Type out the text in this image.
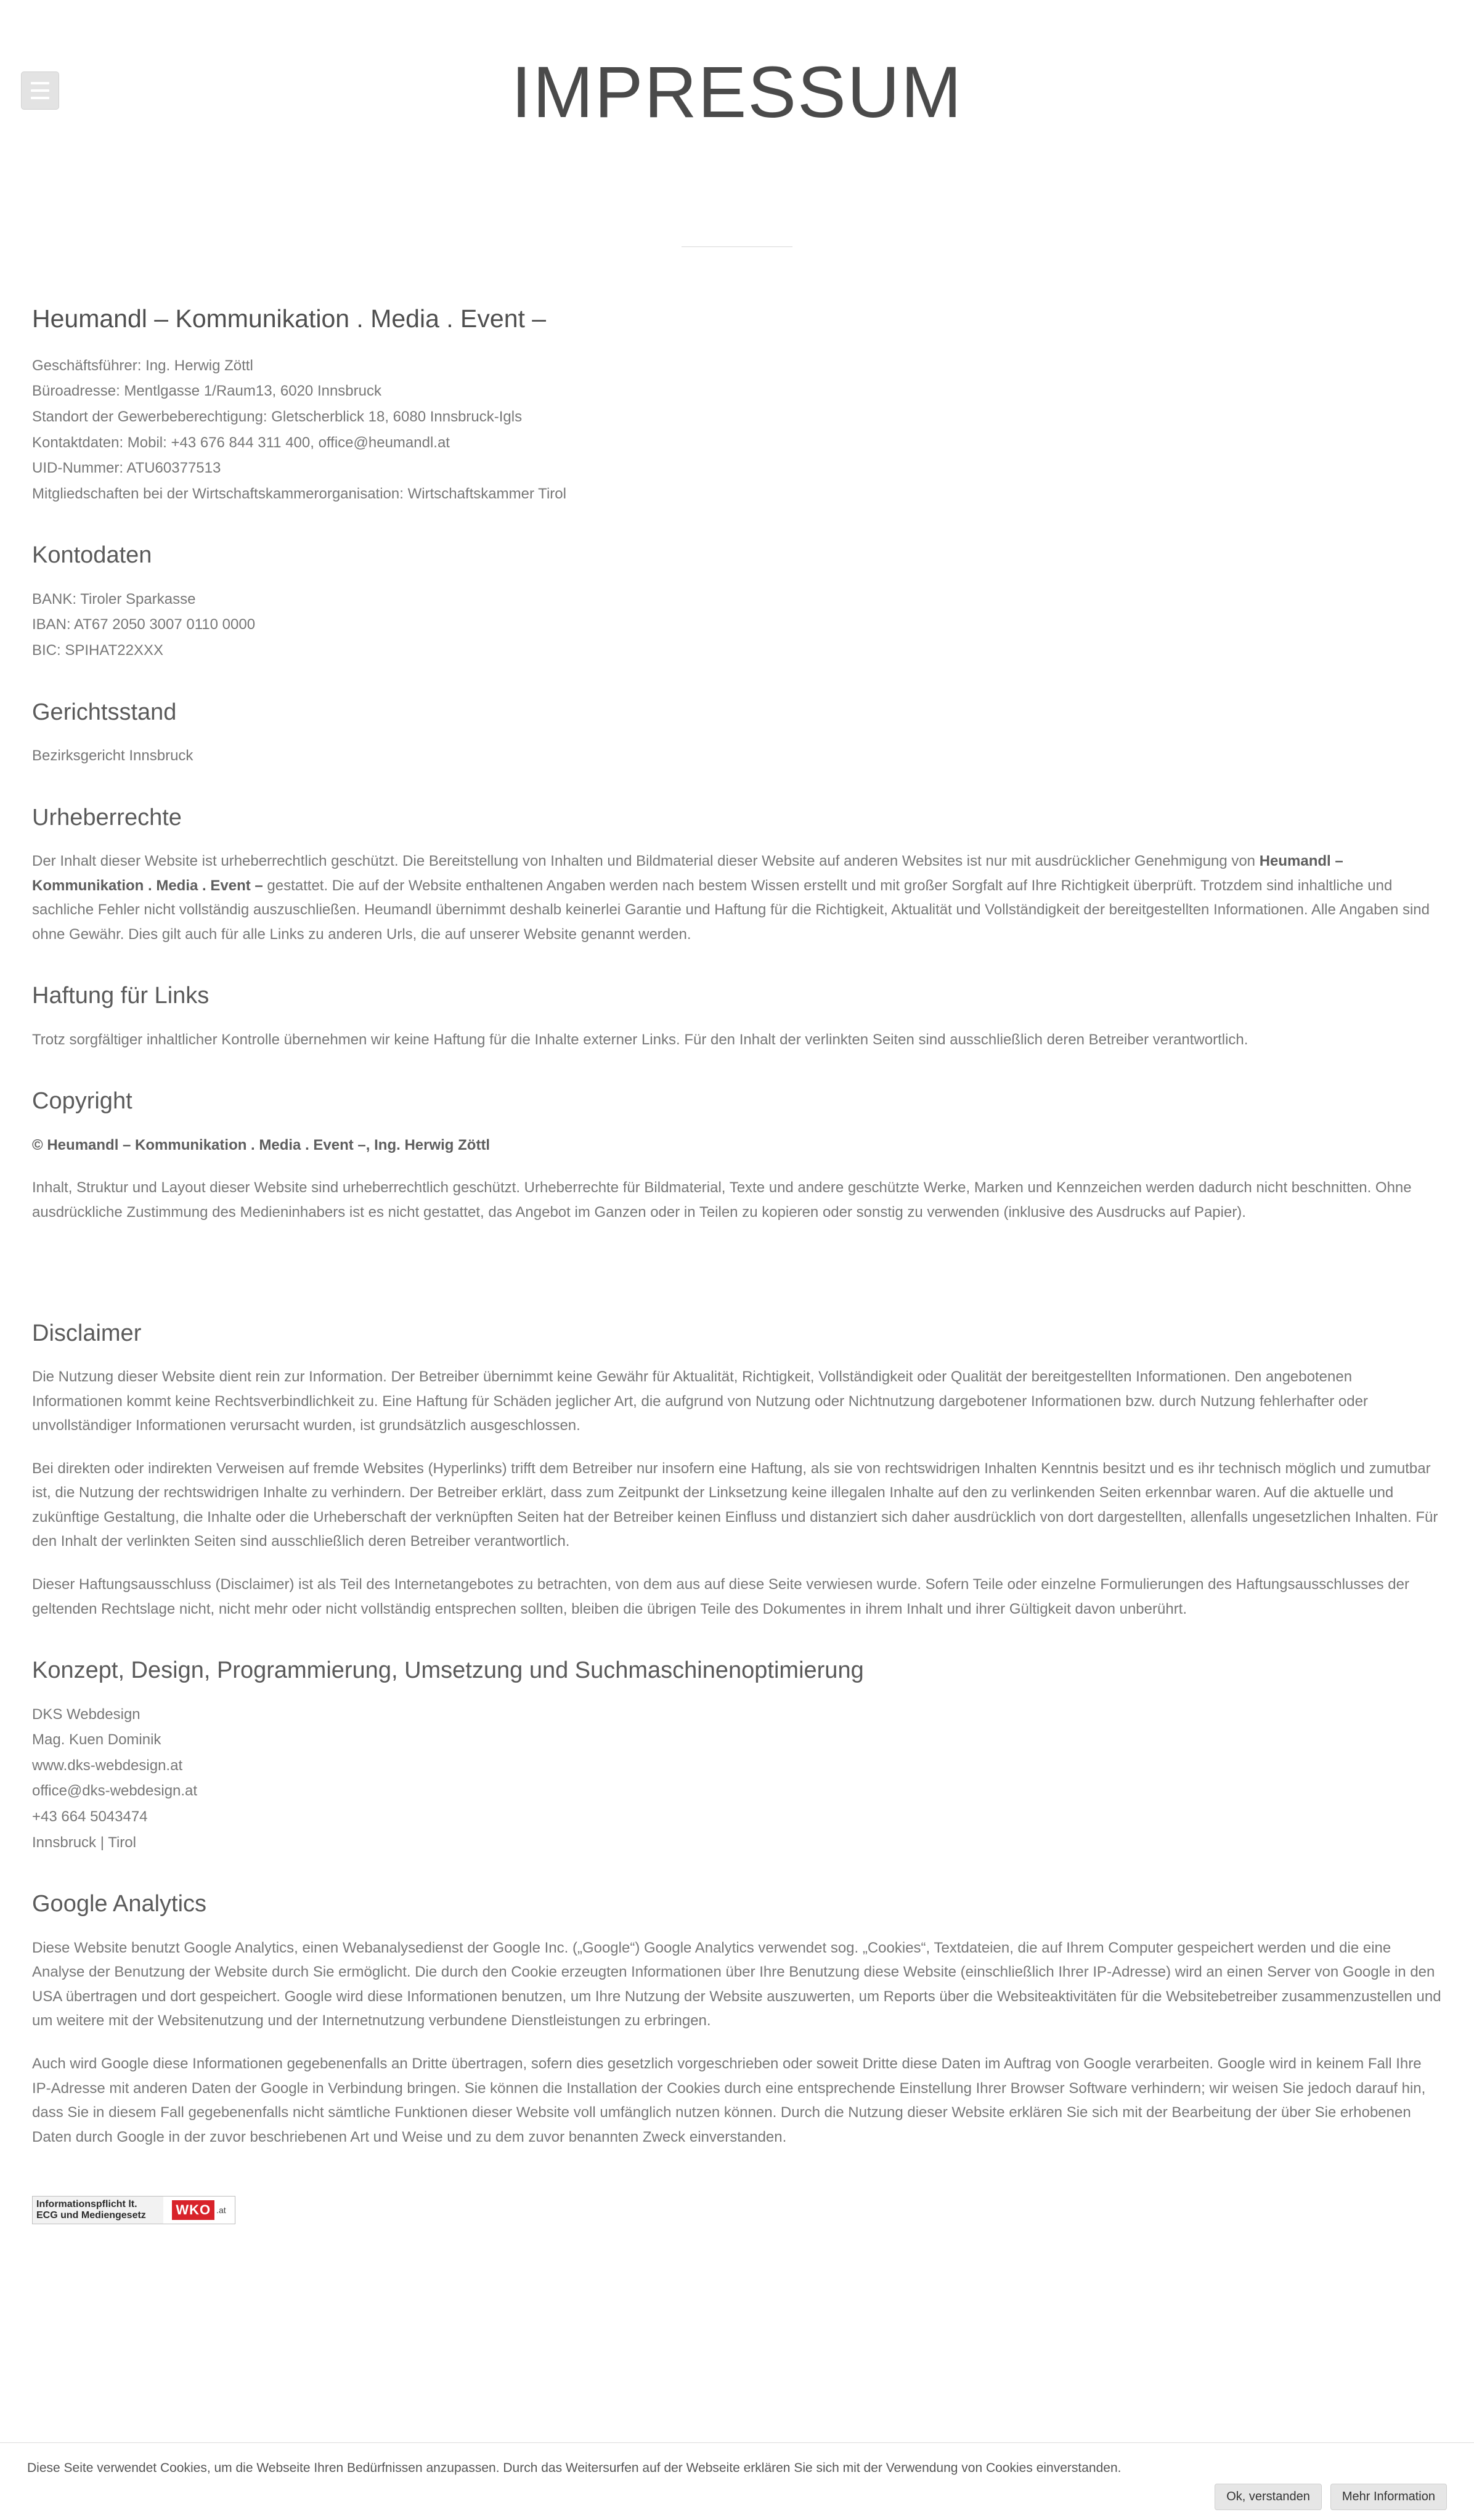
IMPRESSUM
Heumandl – Kommunikation . Media . Event –

Geschäftsführer: Ing. Herwig Zöttl

Büroadresse: Mentlgasse 1/Raum13, 6020 Innsbruck

Standort der Gewerbeberechtigung: Gletscherblick 18, 6080 Innsbruck-Igls

Kontaktdaten: Mobil: +43 676 844 311 400, office@heumandl.at

UID-Nummer: ATU60377513

Mitgliedschaften bei der Wirtschaftskammerorganisation: Wirtschaftskammer Tirol

Kontodaten

BANK: Tiroler Sparkasse

IBAN: AT67 2050 3007 0110 0000

BIC: SPIHAT22XXX

Gerichtsstand

Bezirksgericht Innsbruck

Urheberrechte

Der Inhalt dieser Website ist urheberrechtlich geschützt. Die Bereitstellung von Inhalten und Bildmaterial dieser Website auf anderen Websites ist nur mit ausdrücklicher Genehmigung von Heumandl – Kommunikation . Media . Event – gestattet. Die auf der Website enthaltenen Angaben werden nach bestem Wissen erstellt und mit großer Sorgfalt auf Ihre Richtigkeit überprüft. Trotzdem sind inhaltliche und sachliche Fehler nicht vollständig auszuschließen. Heumandl übernimmt deshalb keinerlei Garantie und Haftung für die Richtigkeit, Aktualität und Vollständigkeit der bereitgestellten Informationen. Alle Angaben sind ohne Gewähr. Dies gilt auch für alle Links zu anderen Urls, die auf unserer Website genannt werden.

Haftung für Links

Trotz sorgfältiger inhaltlicher Kontrolle übernehmen wir keine Haftung für die Inhalte externer Links. Für den Inhalt der verlinkten Seiten sind ausschließlich deren Betreiber verantwortlich.

Copyright

© Heumandl – Kommunikation . Media . Event –, Ing. Herwig Zöttl

Inhalt, Struktur und Layout dieser Website sind urheberrechtlich geschützt. Urheberrechte für Bildmaterial, Texte und andere geschützte Werke, Marken und Kennzeichen werden dadurch nicht beschnitten. Ohne ausdrückliche Zustimmung des Medieninhabers ist es nicht gestattet, das Angebot im Ganzen oder in Teilen zu kopieren oder sonstig zu verwenden (inklusive des Ausdrucks auf Papier).

Disclaimer

Die Nutzung dieser Website dient rein zur Information. Der Betreiber übernimmt keine Gewähr für Aktualität, Richtigkeit, Vollständigkeit oder Qualität der bereitgestellten Informationen. Den angebotenen Informationen kommt keine Rechtsverbindlichkeit zu. Eine Haftung für Schäden jeglicher Art, die aufgrund von Nutzung oder Nichtnutzung dargebotener Informationen bzw. durch Nutzung fehlerhafter oder unvollständiger Informationen verursacht wurden, ist grundsätzlich ausgeschlossen.

Bei direkten oder indirekten Verweisen auf fremde Websites (Hyperlinks) trifft dem Betreiber nur insofern eine Haftung, als sie von rechtswidrigen Inhalten Kenntnis besitzt und es ihr technisch möglich und zumutbar ist, die Nutzung der rechtswidrigen Inhalte zu verhindern. Der Betreiber erklärt, dass zum Zeitpunkt der Linksetzung keine illegalen Inhalte auf den zu verlinkenden Seiten erkennbar waren. Auf die aktuelle und zukünftige Gestaltung, die Inhalte oder die Urheberschaft der verknüpften Seiten hat der Betreiber keinen Einfluss und distanziert sich daher ausdrücklich von dort dargestellten, allenfalls ungesetzlichen Inhalten. Für den Inhalt der verlinkten Seiten sind ausschließlich deren Betreiber verantwortlich.

Dieser Haftungsausschluss (Disclaimer) ist als Teil des Internetangebotes zu betrachten, von dem aus auf diese Seite verwiesen wurde. Sofern Teile oder einzelne Formulierungen des Haftungsausschlusses der geltenden Rechtslage nicht, nicht mehr oder nicht vollständig entsprechen sollten, bleiben die übrigen Teile des Dokumentes in ihrem Inhalt und ihrer Gültigkeit davon unberührt.

Konzept, Design, Programmierung, Umsetzung und Suchmaschinenoptimierung

DKS Webdesign

Mag. Kuen Dominik

www.dks-webdesign.at

office@dks-webdesign.at

+43 664 5043474

Innsbruck | Tirol

Google Analytics

Diese Website benutzt Google Analytics, einen Webanalysedienst der Google Inc. („Google“) Google Analytics verwendet sog. „Cookies“, Textdateien, die auf Ihrem Computer gespeichert werden und die eine Analyse der Benutzung der Website durch Sie ermöglicht. Die durch den Cookie erzeugten Informationen über Ihre Benutzung diese Website (einschließlich Ihrer IP-Adresse) wird an einen Server von Google in den USA übertragen und dort gespeichert. Google wird diese Informationen benutzen, um Ihre Nutzung der Website auszuwerten, um Reports über die Websiteaktivitäten für die Websitebetreiber zusammenzustellen und um weitere mit der Websitenutzung und der Internetnutzung verbundene Dienstleistungen zu erbringen.

Auch wird Google diese Informationen gegebenenfalls an Dritte übertragen, sofern dies gesetzlich vorgeschrieben oder soweit Dritte diese Daten im Auftrag von Google verarbeiten. Google wird in keinem Fall Ihre IP-Adresse mit anderen Daten der Google in Verbindung bringen. Sie können die Installation der Cookies durch eine entsprechende Einstellung Ihrer Browser Software verhindern; wir weisen Sie jedoch darauf hin, dass Sie in diesem Fall gegebenenfalls nicht sämtliche Funktionen dieser Website voll umfänglich nutzen können. Durch die Nutzung dieser Website erklären Sie sich mit der Bearbeitung der über Sie erhobenen Daten durch Google in der zuvor beschriebenen Art und Weise und zu dem zuvor benannten Zweck einverstanden.

Informationspflicht lt.
ECG und Mediengesetz	WKO .at
Diese Seite verwendet Cookies, um die Webseite Ihren Bedürfnissen anzupassen. Durch das Weitersurfen auf der Webseite erklären Sie sich mit der Verwendung von Cookies einverstanden.
Ok, verstanden	Mehr Information
